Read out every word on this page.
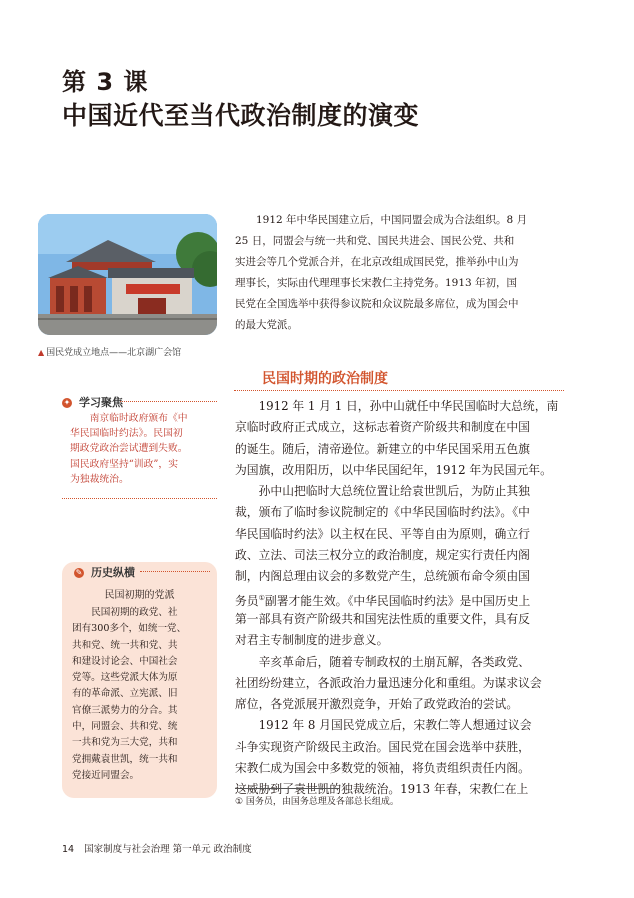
第 3 课
中国近代至当代政治制度的演变
▲ 国民党成立地点——北京湖广会馆
1912 年中华民国建立后，中国同盟会成为合法组织。8 月
25 日，同盟会与统一共和党、国民共进会、国民公党、共和
实进会等几个党派合并，在北京改组成国民党，推举孙中山为
理事长，实际由代理理事长宋教仁主持党务。1913 年初，国
民党在全国选举中获得参议院和众议院最多席位，成为国会中
的最大党派。
民国时期的政治制度
1912 年 1 月 1 日，孙中山就任中华民国临时大总统，南
京临时政府正式成立，这标志着资产阶级共和制度在中国
的诞生。随后，清帝逊位。新建立的中华民国采用五色旗
为国旗，改用阳历，以中华民国纪年，1912 年为民国元年。
孙中山把临时大总统位置让给袁世凯后，为防止其独
裁，颁布了临时参议院制定的《中华民国临时约法》。《中
华民国临时约法》以主权在民、平等自由为原则，确立行
政、立法、司法三权分立的政治制度，规定实行责任内阁
制，内阁总理由议会的多数党产生，总统颁布命令须由国
务员①副署才能生效。《中华民国临时约法》是中国历史上
第一部具有资产阶级共和国宪法性质的重要文件，具有反
对君主专制制度的进步意义。
辛亥革命后，随着专制政权的土崩瓦解，各类政党、
社团纷纷建立，各派政治力量迅速分化和重组。为谋求议会
席位，各党派展开激烈竞争，开始了政党政治的尝试。
1912 年 8 月国民党成立后，宋教仁等人想通过议会
斗争实现资产阶级民主政治。国民党在国会选举中获胜，
宋教仁成为国会中多数党的领袖，将负责组织责任内阁。
这威胁到了袁世凯的独裁统治。1913 年春，宋教仁在上
✦ 学习聚焦
南京临时政府颁布《中
华民国临时约法》。民国初
期政党政治尝试遭到失败。
国民政府坚持“训政”，实
为独裁统治。
✎ 历史纵横
民国初期的党派
民国初期的政党、社
团有300多个，如统一党、
共和党、统一共和党、共
和建设讨论会、中国社会
党等。这些党派大体为原
有的革命派、立宪派、旧
官僚三派势力的分合。其
中，同盟会、共和党、统
一共和党为三大党，共和
党拥戴袁世凯，统一共和
党接近同盟会。
① 国务员，由国务总理及各部总长组成。
14 国家制度与社会治理 第一单元 政治制度
